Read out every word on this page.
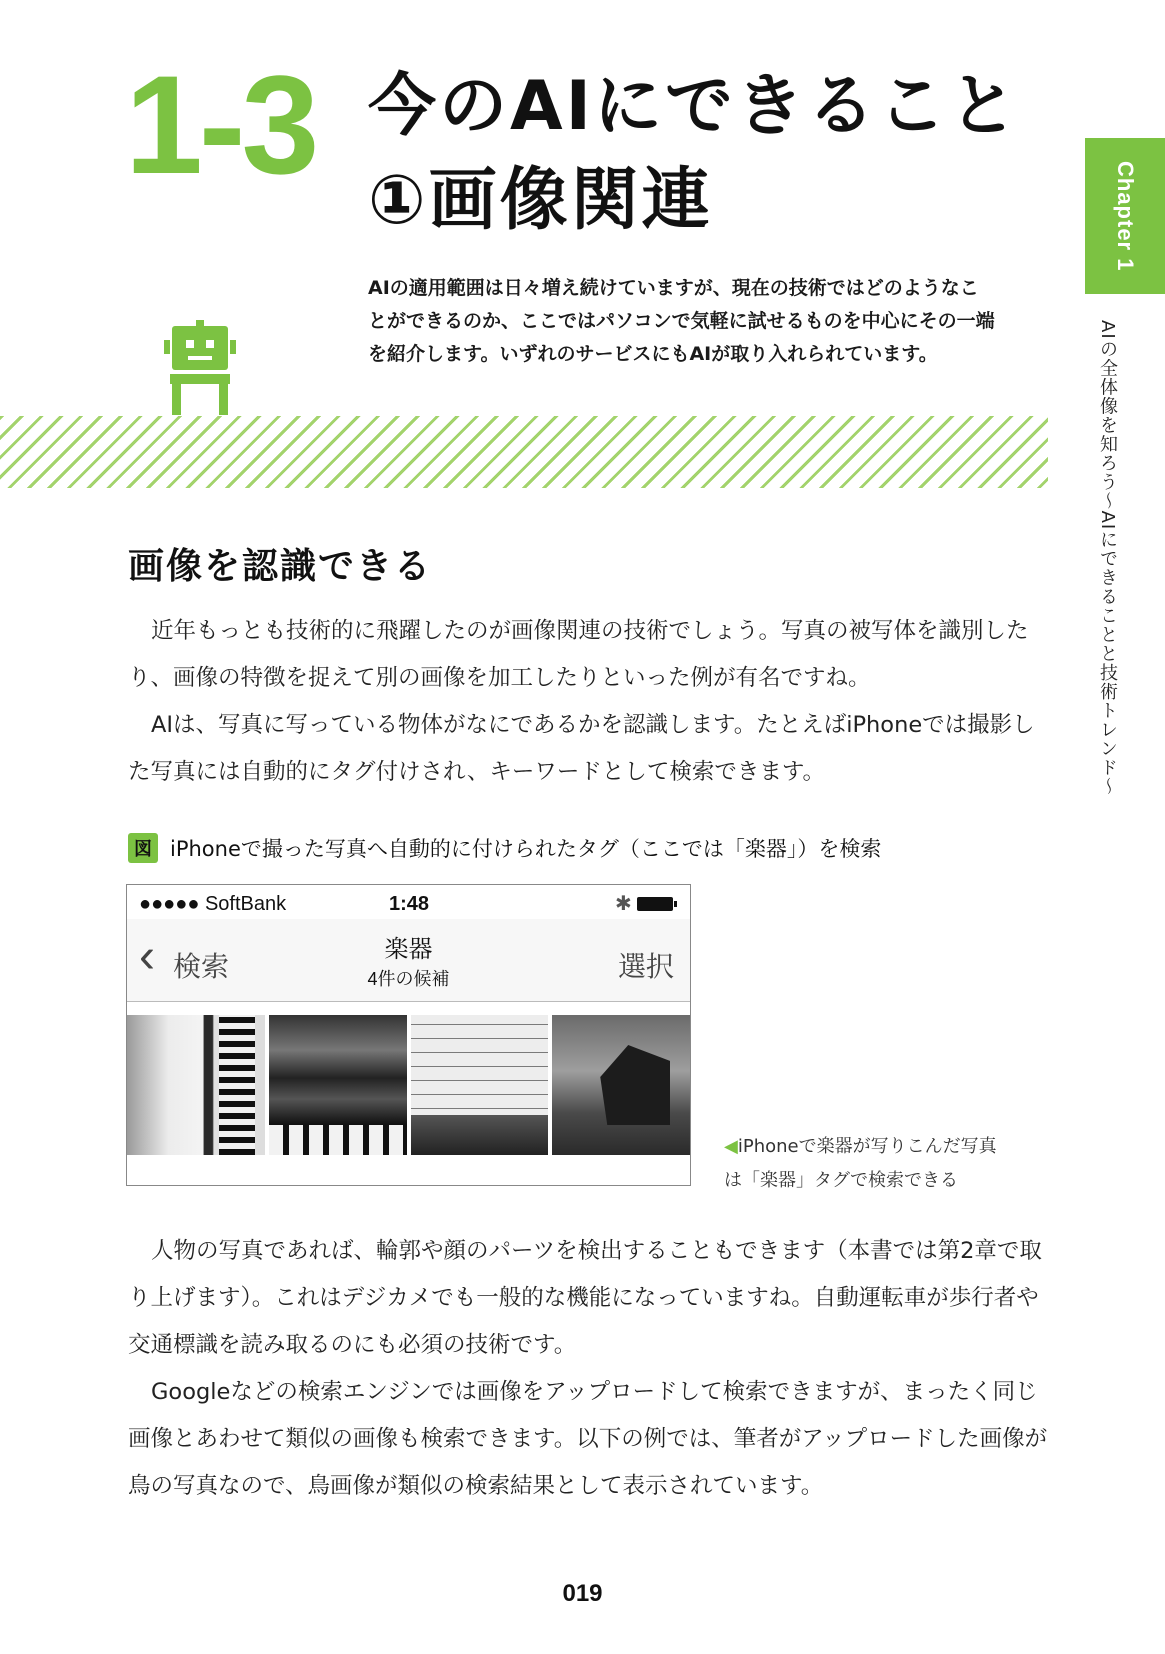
1-3 今のAIにできること
①画像関連
AIの適用範囲は日々増え続けていますが、現在の技術ではどのようなこ
とができるのか、ここではパソコンで気軽に試せるものを中心にその一端
を紹介します。いずれのサービスにもAIが取り入れられています。
Chapter 1
AIの全体像を知ろう～AIにできることと技術トレンド～
画像を認識できる

近年もっとも技術的に飛躍したのが画像関連の技術でしょう。写真の被写体を識別したり、画像の特徴を捉えて別の画像を加工したりといった例が有名ですね。

AIは、写真に写っている物体がなにであるかを認識します。たとえばiPhoneでは撮影した写真には自動的にタグ付けされ、キーワードとして検索できます。

図 iPhoneで撮った写真へ自動的に付けられたタグ（ここでは「楽器」）を検索
●●●●● SoftBank	1:48	✱
‹ 検索
楽器
4件の候補	選択
◀iPhoneで楽器が写りこんだ写真
は「楽器」タグで検索できる

人物の写真であれば、輪郭や顔のパーツを検出することもできます（本書では第2章で取り上げます）。これはデジカメでも一般的な機能になっていますね。自動運転車が歩行者や交通標識を読み取るのにも必須の技術です。

Googleなどの検索エンジンでは画像をアップロードして検索できますが、まったく同じ画像とあわせて類似の画像も検索できます。以下の例では、筆者がアップロードした画像が鳥の写真なので、鳥画像が類似の検索結果として表示されています。

019
